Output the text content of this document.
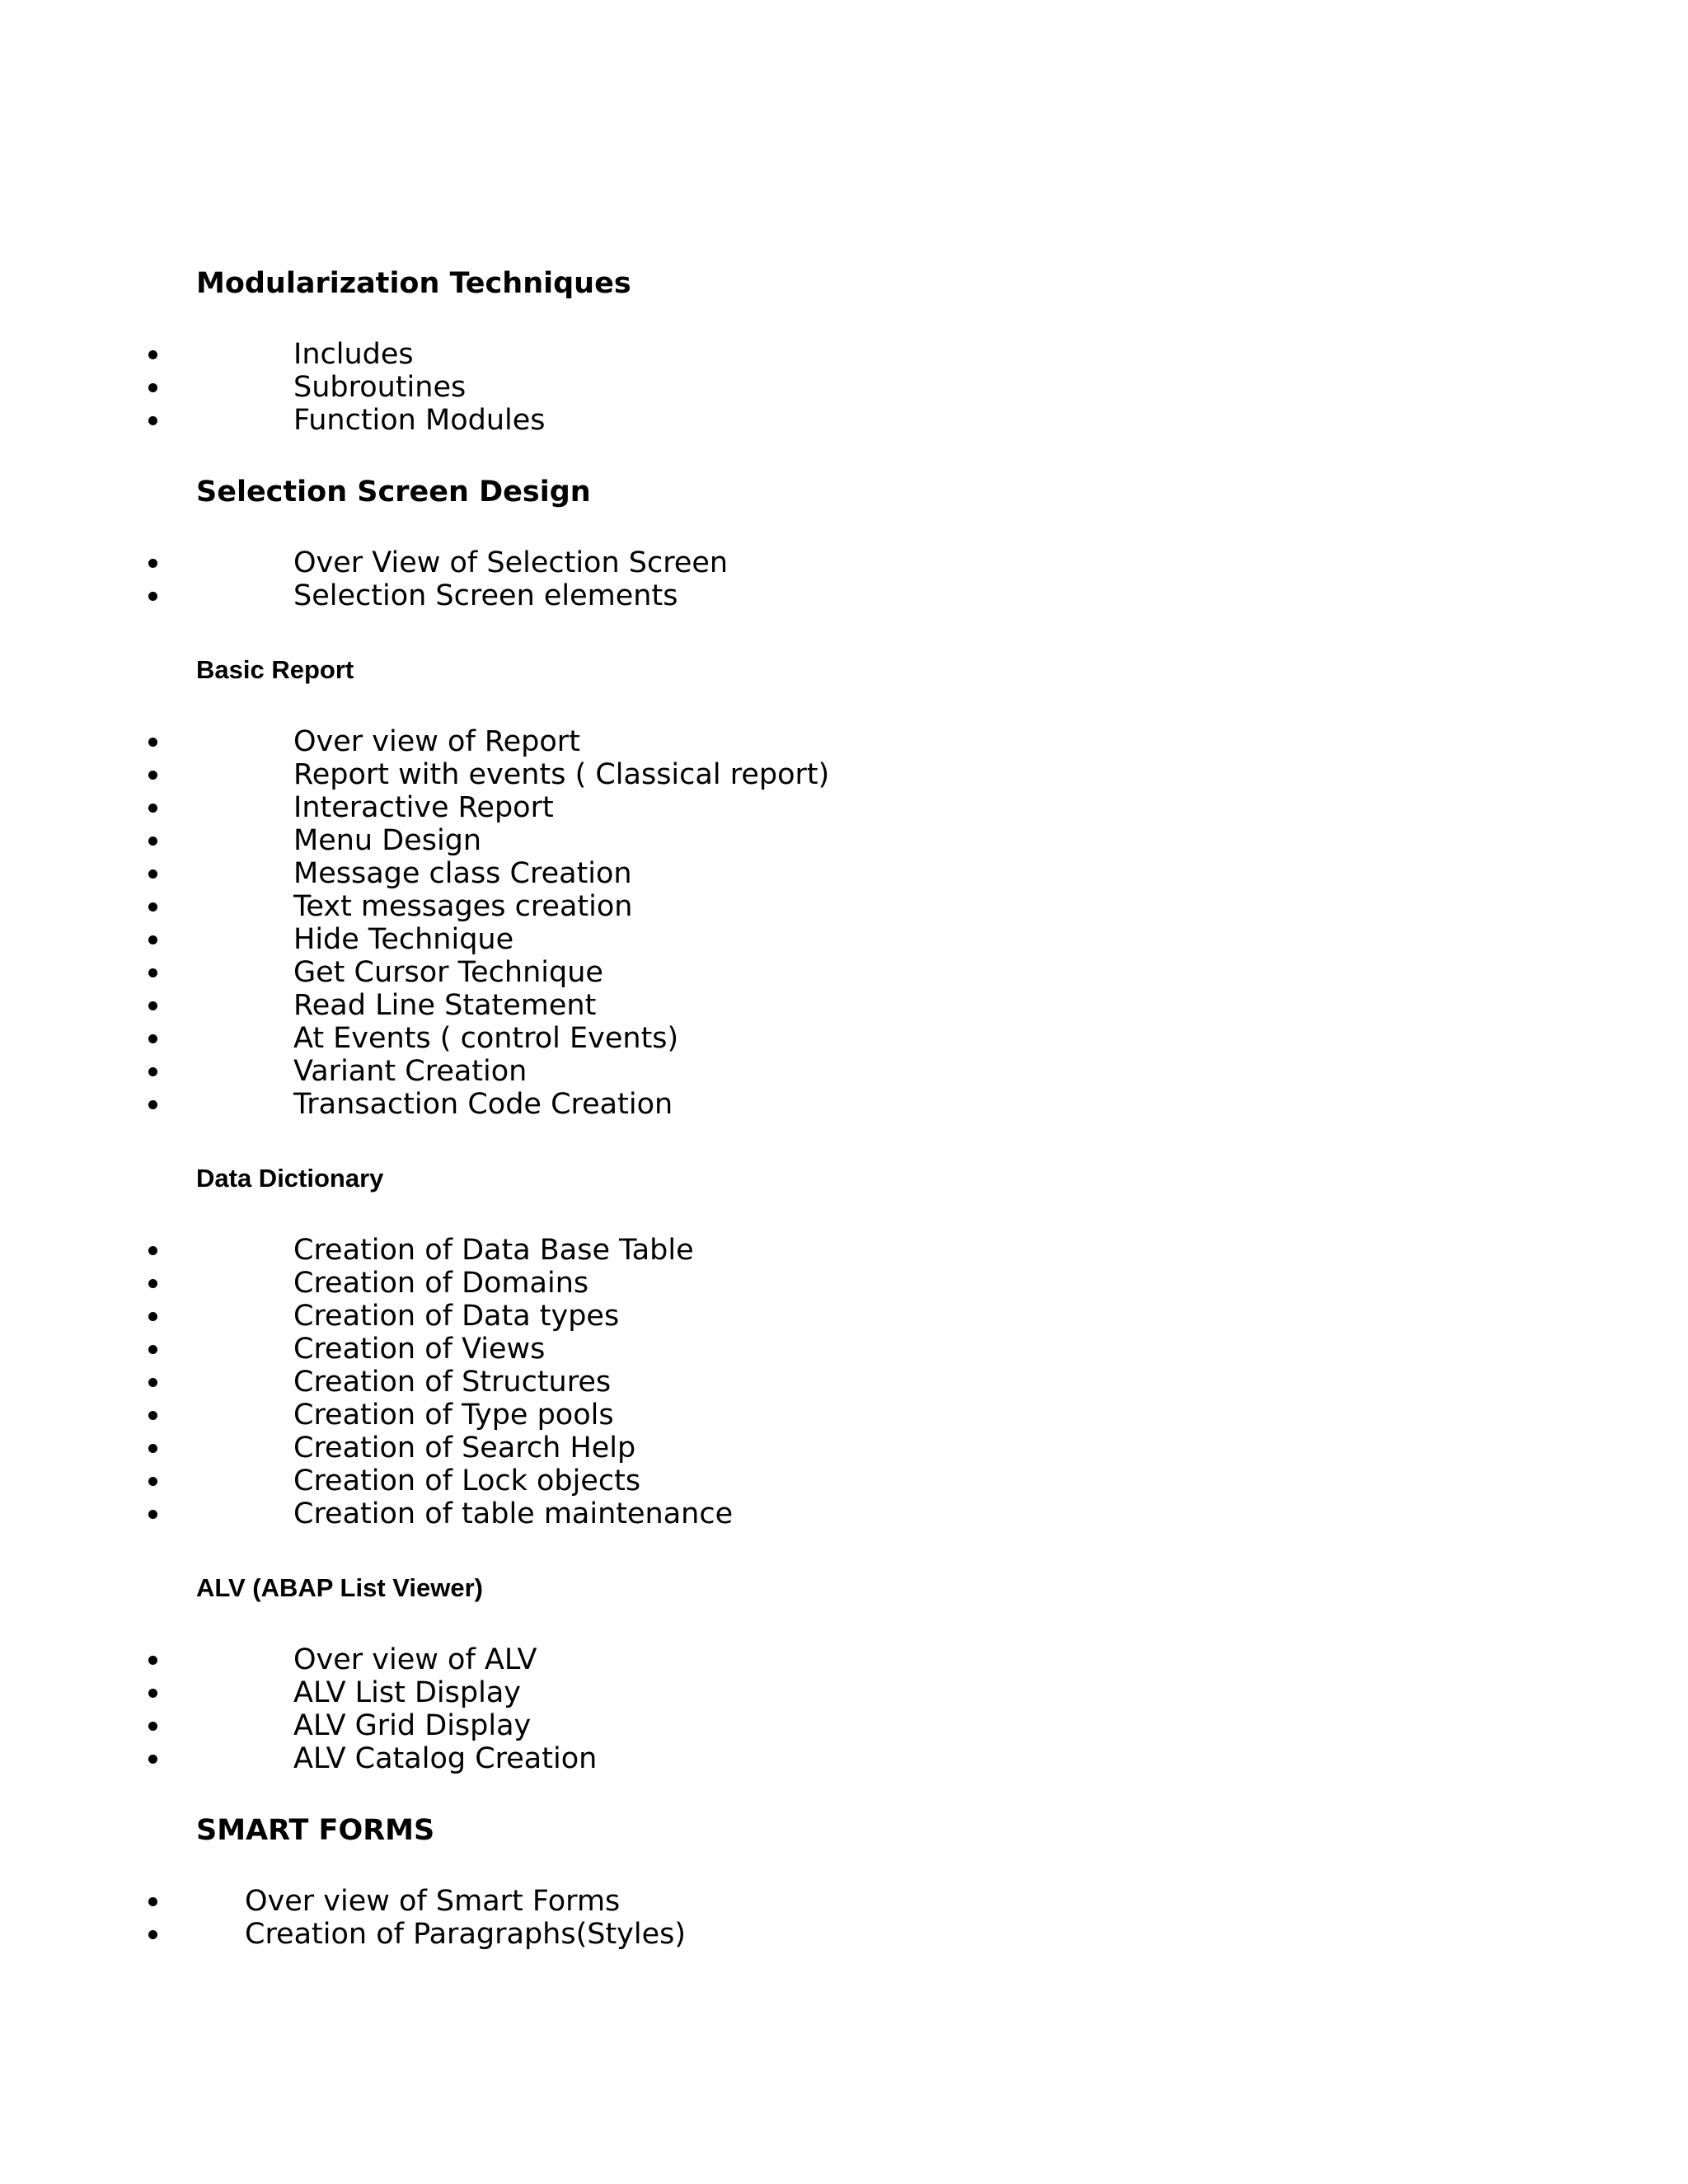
Modularization Techniques
Includes
Subroutines
Function Modules
Selection Screen Design
Over View of Selection Screen
Selection Screen elements
Basic Report
Over view of Report
Report with events ( Classical report)
Interactive Report
Menu Design
Message class Creation
Text messages creation
Hide Technique
Get Cursor Technique
Read Line Statement
At Events ( control Events)
Variant Creation
Transaction Code Creation
Data Dictionary
Creation of Data Base Table
Creation of Domains
Creation of Data types
Creation of Views
Creation of Structures
Creation of Type pools
Creation of Search Help
Creation of Lock objects
Creation of table maintenance
ALV (ABAP List Viewer)
Over view of ALV
ALV List Display
ALV Grid Display
ALV Catalog Creation
SMART FORMS
Over view of Smart Forms
Creation of Paragraphs(Styles)
